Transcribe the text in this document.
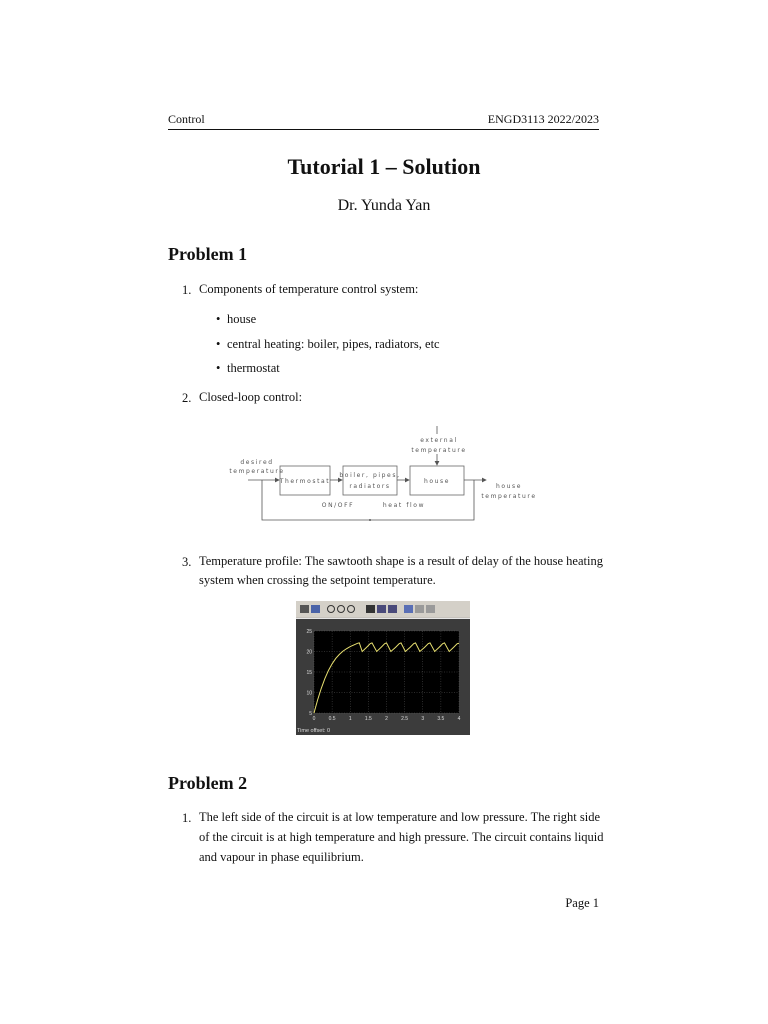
Control	ENGD3113 2022/2023
Tutorial 1 – Solution
Dr. Yunda Yan
Problem 1
1. Components of temperature control system:
• house
• central heating: boiler, pipes, radiators, etc
• thermostat
2. Closed-loop control:
desired
temperature
external
temperature
Thermostat
boiler, pipes,
radiators
house
house
temperature
ON/OFF	heat flow
3. Temperature profile: The sawtooth shape is a result of delay of the house heating
system when crossing the setpoint temperature.
25
20
15
10
5
0	0.5	1	1.5	2	2.5	3	3.5	4
Time offset: 0
Problem 2
1. The left side of the circuit is at low temperature and low pressure. The right side
of the circuit is at high temperature and high pressure. The circuit contains liquid
and vapour in phase equilibrium.
Page 1
